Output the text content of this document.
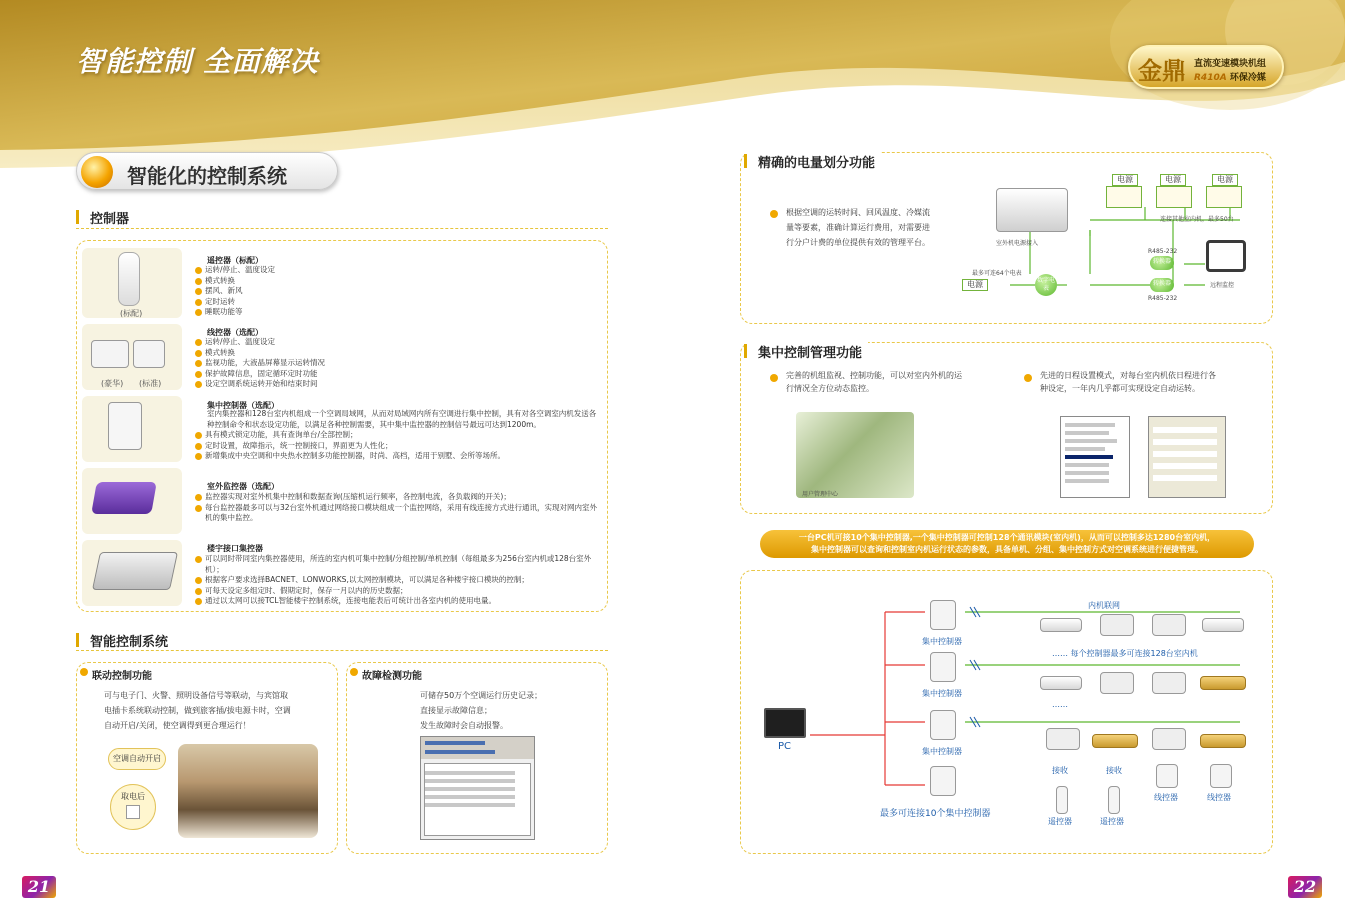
智能控制 全面解决	金鼎 直流变速模块机组
R410A 环保冷媒
智能化的控制系统
控制器
(标配)
遥控器（标配）
运转/停止、温度设定
模式转换
摆风、新风
定时运转
睡眠功能等
(豪华) (标准)
线控器（选配）
运转/停止、温度设定
模式转换
监视功能，大液晶屏幕显示运转情况
保护故障信息，固定循环定时功能
设定空调系统运转开始和结束时间
集中控制器（选配）
室内集控器和128台室内机组成一个空调局域网，从而对局域网内所有空调进行集中控制，具有对各空调室内机发送各种控制命令和状态设定功能，以满足各种控制需要，其中集中监控器的控制信号最远可达到1200m。
具有模式锁定功能，具有查询单台/全部控制；
定时设置，故障指示，统一控制接口，界面更为人性化；
新增集成中央空调和中央热水控制多功能控制器，时尚、高档，适用于别墅、会所等场所。
室外监控器（选配）
监控器实现对室外机集中控制和数据查询(压缩机运行频率，各控制电流，各负载阀的开关)；
每台监控器最多可以与32台室外机通过网络接口模块组成一个监控网络，采用有线连接方式进行通讯，实现对网内室外机的集中监控。
楼宇接口集控器
可以同时带同室内集控器使用，所连的室内机可集中控制/分组控制/单机控制（每组最多为256台室内机或128台室外机）；
根据客户要求选择BACNET、LONWORKS,以太网控制模块，可以满足各种楼宇接口模块的控制；
可每天设定多组定时、假期定时，保存一月以内的历史数据；
通过以太网可以接TCL智能楼宇控制系统，连接电能表后可统计出各室内机的使用电量。
智能控制系统
联动控制功能
可与电子门、火警、照明设备信号等联动，与宾馆取
电插卡系统联动控制，做到旅客插/拔电源卡时，空调
自动开启/关闭，使空调得到更合理运行！
空调自动开启
取电后
故障检测功能
可储存50万个空调运行历史记录；
直接显示故障信息；
发生故障时会自动报警。
21
精确的电量划分功能
根据空调的运转时间、回风温度、冷媒流
量等要素，准确计算运行费用，对需要进
行分户计费的单位提供有效的管理平台。	室外机电源接入
电源	电源	电源
连接其他室内机，最多50台
最多可连64个电表
电源	数字电表
转换器
转换器
R485-232
R485-232
远程监控
集中控制管理功能
完善的机组监视、控制功能，可以对室内外机的运
行情况全方位动态监控。
先进的日程设置模式，对每台室内机依日程进行各
种设定，一年内几乎都可实现设定自动运转。
用户管理中心
一台PC机可接10个集中控制器,一个集中控制器可控制128个通讯模块(室内机)，从而可以控制多达1280台室内机，
集中控制器可以查询和控制室内机运行状态的参数，具备单机、分组、集中控制方式对空调系统进行便捷管理。
PC
集中控制器
集中控制器
集中控制器
最多可连接10个集中控制器
内机联网
…… 每个控制器最多可连接128台室内机
……
接收	接收
遥控器	遥控器
线控器	线控器
22
